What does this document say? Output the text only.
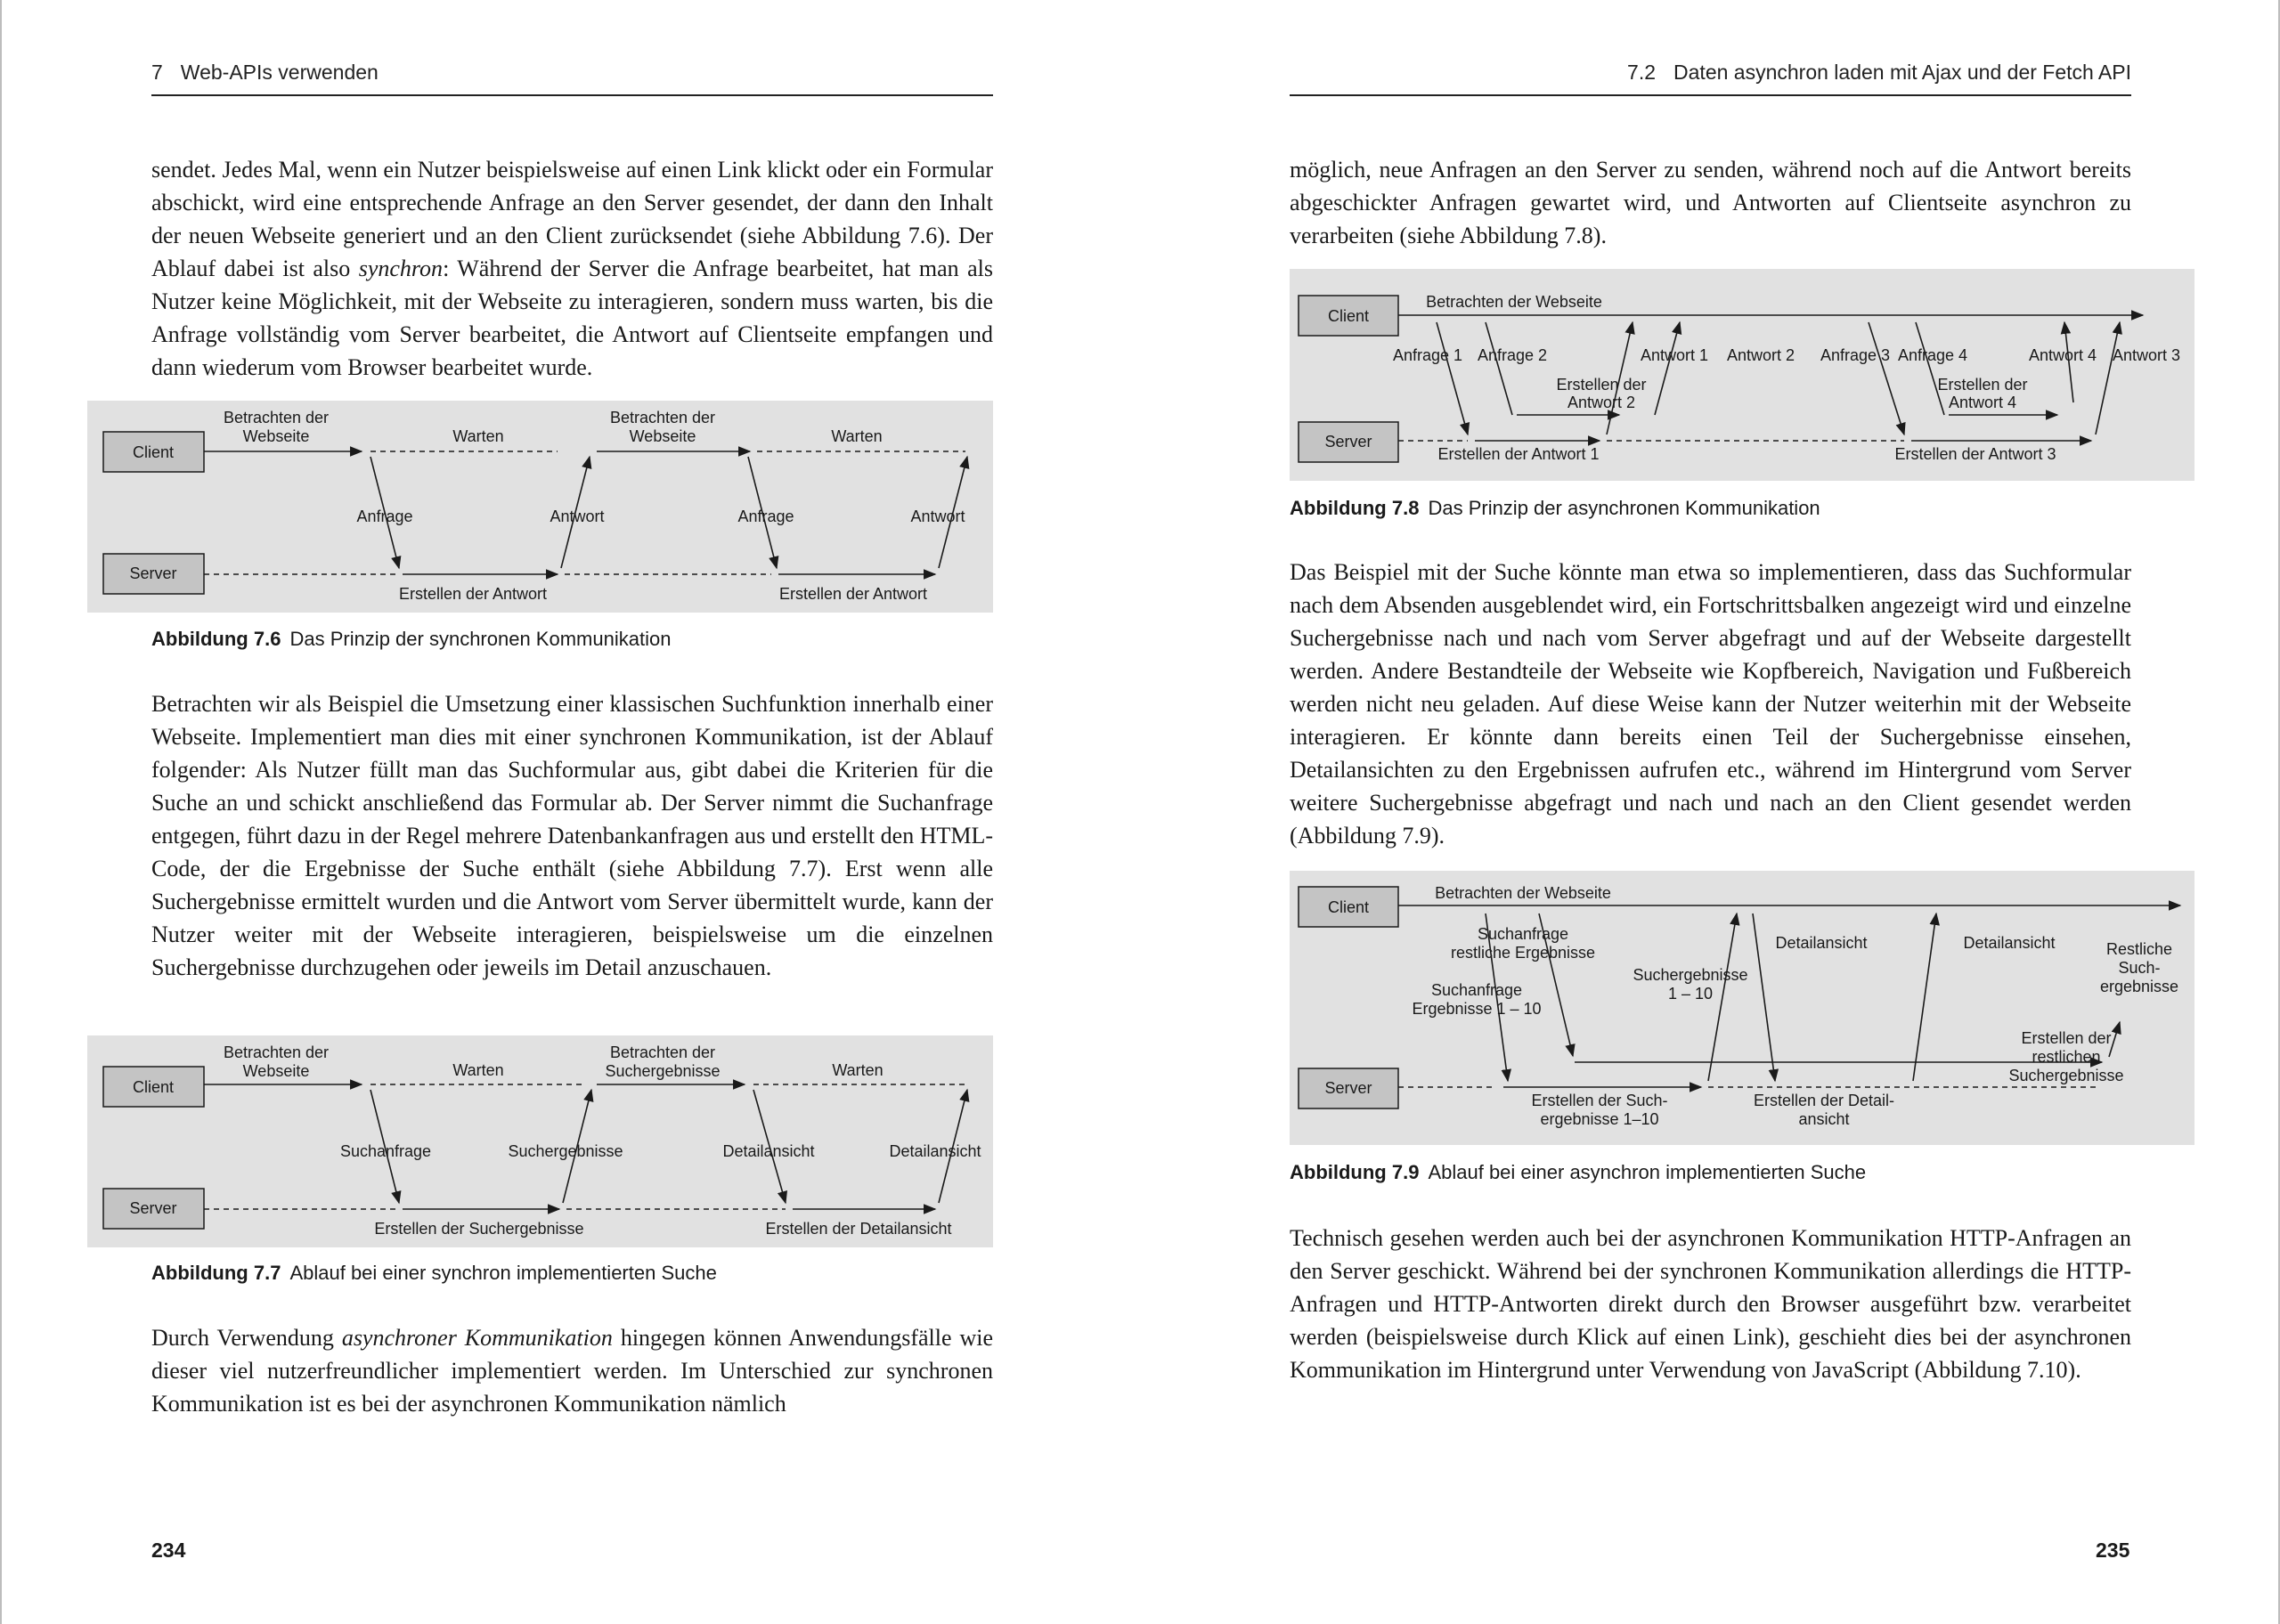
7 Web-APIs verwenden

sendet. Jedes Mal, wenn ein Nutzer beispielsweise auf einen Link klickt oder ein Formular abschickt, wird eine entsprechende Anfrage an den Server gesendet, der dann den Inhalt der neuen Webseite generiert und an den Client zurücksendet (siehe Abbildung 7.6). Der Ablauf dabei ist also synchron: Während der Server die Anfrage bearbeitet, hat man als Nutzer keine Möglichkeit, mit der Webseite zu interagieren, sondern muss warten, bis die Anfrage vollständig vom Server bearbeitet, die Antwort auf Clientseite empfangen und dann wiederum vom Browser bearbeitet wurde.

Client
Server
Betrachten der
Webseite	Warten
Betrachten der
Webseite	Warten
Anfrage	Antwort	Anfrage	Antwort
Erstellen der Antwort	Erstellen der Antwort
Abbildung 7.6 Das Prinzip der synchronen Kommunikation

Betrachten wir als Beispiel die Umsetzung einer klassischen Suchfunktion innerhalb einer Webseite. Implementiert man dies mit einer synchronen Kommunikation, ist der Ablauf folgender: Als Nutzer füllt man das Suchformular aus, gibt dabei die Kriterien für die Suche an und schickt anschließend das Formular ab. Der Server nimmt die Suchanfrage entgegen, führt dazu in der Regel mehrere Datenbankanfragen aus und erstellt den HTML-Code, der die Ergebnisse der Suche enthält (siehe Abbildung 7.7). Erst wenn alle Suchergebnisse ermittelt wurden und die Antwort vom Server übermittelt wurde, kann der Nutzer weiter mit der Webseite interagieren, beispielsweise um die einzelnen Suchergebnisse durchzugehen oder jeweils im Detail anzuschauen.

Client
Server
Betrachten der
Webseite	Warten
Betrachten der
Suchergebnisse	Warten
Suchanfrage	Suchergebnisse	Detailansicht	Detailansicht
Erstellen der Suchergebnisse	Erstellen der Detailansicht
Abbildung 7.7 Ablauf bei einer synchron implementierten Suche

Durch Verwendung asynchroner Kommunikation hingegen können Anwendungsfälle wie dieser viel nutzerfreundlicher implementiert werden. Im Unterschied zur synchronen Kommunikation ist es bei der asynchronen Kommunikation nämlich

234
7.2 Daten asynchron laden mit Ajax und der Fetch API

möglich, neue Anfragen an den Server zu senden, während noch auf die Antwort bereits abgeschickter Anfragen gewartet wird, und Antworten auf Clientseite asynchron zu verarbeiten (siehe Abbildung 7.8).

Client
Server
Betrachten der Webseite
Anfrage 1 Anfrage 2	Antwort 1 Antwort 2 Anfrage 3 Anfrage 4	Antwort 4 Antwort 3
Erstellen der
Antwort 2
Erstellen der
Antwort 4
Erstellen der Antwort 1	Erstellen der Antwort 3
Abbildung 7.8 Das Prinzip der asynchronen Kommunikation

Das Beispiel mit der Suche könnte man etwa so implementieren, dass das Suchformular nach dem Absenden ausgeblendet wird, ein Fortschrittsbalken angezeigt wird und einzelne Suchergebnisse nach und nach vom Server abgefragt und auf der Webseite dargestellt werden. Andere Bestandteile der Webseite wie Kopfbereich, Navigation und Fußbereich werden nicht neu geladen. Auf diese Weise kann der Nutzer weiterhin mit der Webseite interagieren. Er könnte dann bereits einen Teil der Suchergebnisse einsehen, Detailansichten zu den Ergebnissen aufrufen etc., während im Hintergrund vom Server weitere Suchergebnisse abgefragt und nach und nach an den Client gesendet werden (Abbildung 7.9).

Client
Server
Betrachten der Webseite
Suchanfrage
restliche Ergebnisse
Suchanfrage
Ergebnisse 1 – 10
Suchergebnisse
1 – 10
Detailansicht	Detailansicht	Restliche
Such-
ergebnisse
Erstellen der
restlichen
Suchergebnisse
Erstellen der Such-
ergebnisse 1–10
Erstellen der Detail-
ansicht
Abbildung 7.9 Ablauf bei einer asynchron implementierten Suche

Technisch gesehen werden auch bei der asynchronen Kommunikation HTTP-Anfragen an den Server geschickt. Während bei der synchronen Kommunikation allerdings die HTTP-Anfragen und HTTP-Antworten direkt durch den Browser ausgeführt bzw. verarbeitet werden (beispielsweise durch Klick auf einen Link), geschieht dies bei der asynchronen Kommunikation im Hintergrund unter Verwendung von JavaScript (Abbildung 7.10).

235
